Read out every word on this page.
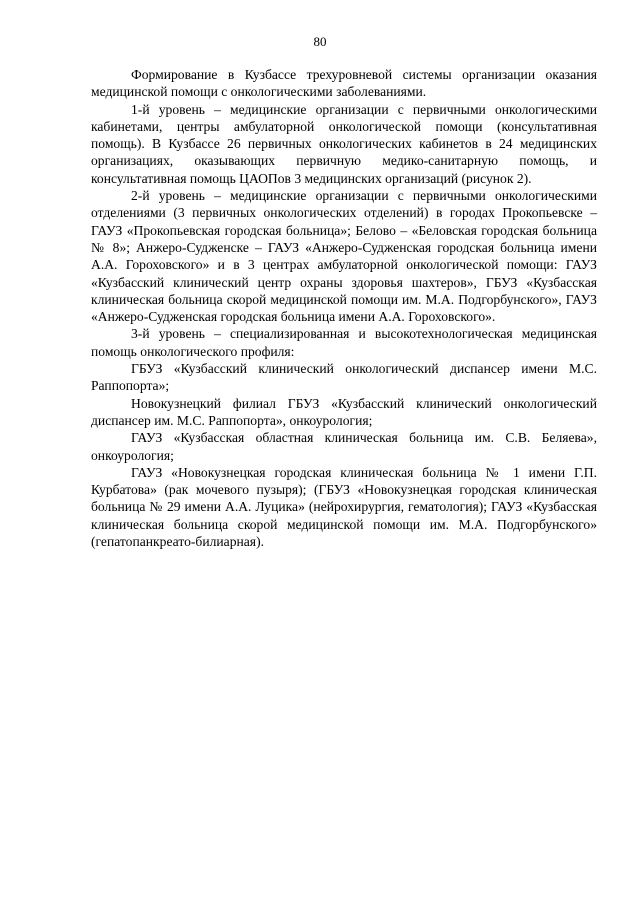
80

Формирование в Кузбассе трехуровневой системы организации оказания медицинской помощи с онкологическими заболеваниями.

1-й уровень – медицинские организации с первичными онкологическими кабинетами, центры амбулаторной онкологической помощи (консультативная помощь). В Кузбассе 26 первичных онкологических кабинетов в 24 медицинских организациях, оказывающих первичную медико-санитарную помощь, и консультативная помощь ЦАОПов 3 медицинских организаций (рисунок 2).

2-й уровень – медицинские организации с первичными онкологическими отделениями (3 первичных онкологических отделений) в городах Прокопьевске – ГАУЗ «Прокопьевская городская больница»; Белово – «Беловская городская больница № 8»; Анжеро-Судженске – ГАУЗ «Анжеро-Судженская городская больница имени А.А. Гороховского» и в 3 центрах амбулаторной онкологической помощи: ГАУЗ «Кузбасский клинический центр охраны здоровья шахтеров», ГБУЗ «Кузбасская клиническая больница скорой медицинской помощи им. М.А. Подгорбунского», ГАУЗ «Анжеро-Судженская городская больница имени А.А. Гороховского».

3-й уровень – специализированная и высокотехнологическая медицинская помощь онкологического профиля:

ГБУЗ «Кузбасский клинический онкологический диспансер имени М.С. Раппопорта»;

Новокузнецкий филиал ГБУЗ «Кузбасский клинический онкологический диспансер им. М.С. Раппопорта», онкоурология;

ГАУЗ «Кузбасская областная клиническая больница им. С.В. Беляева», онкоурология;

ГАУЗ «Новокузнецкая городская клиническая больница № 1 имени Г.П. Курбатова» (рак мочевого пузыря); (ГБУЗ «Новокузнецкая городская клиническая больница № 29 имени А.А. Луцика» (нейрохирургия, гематология); ГАУЗ «Кузбасская клиническая больница скорой медицинской помощи им. М.А. Подгорбунского» (гепатопанкреато-билиарная).
